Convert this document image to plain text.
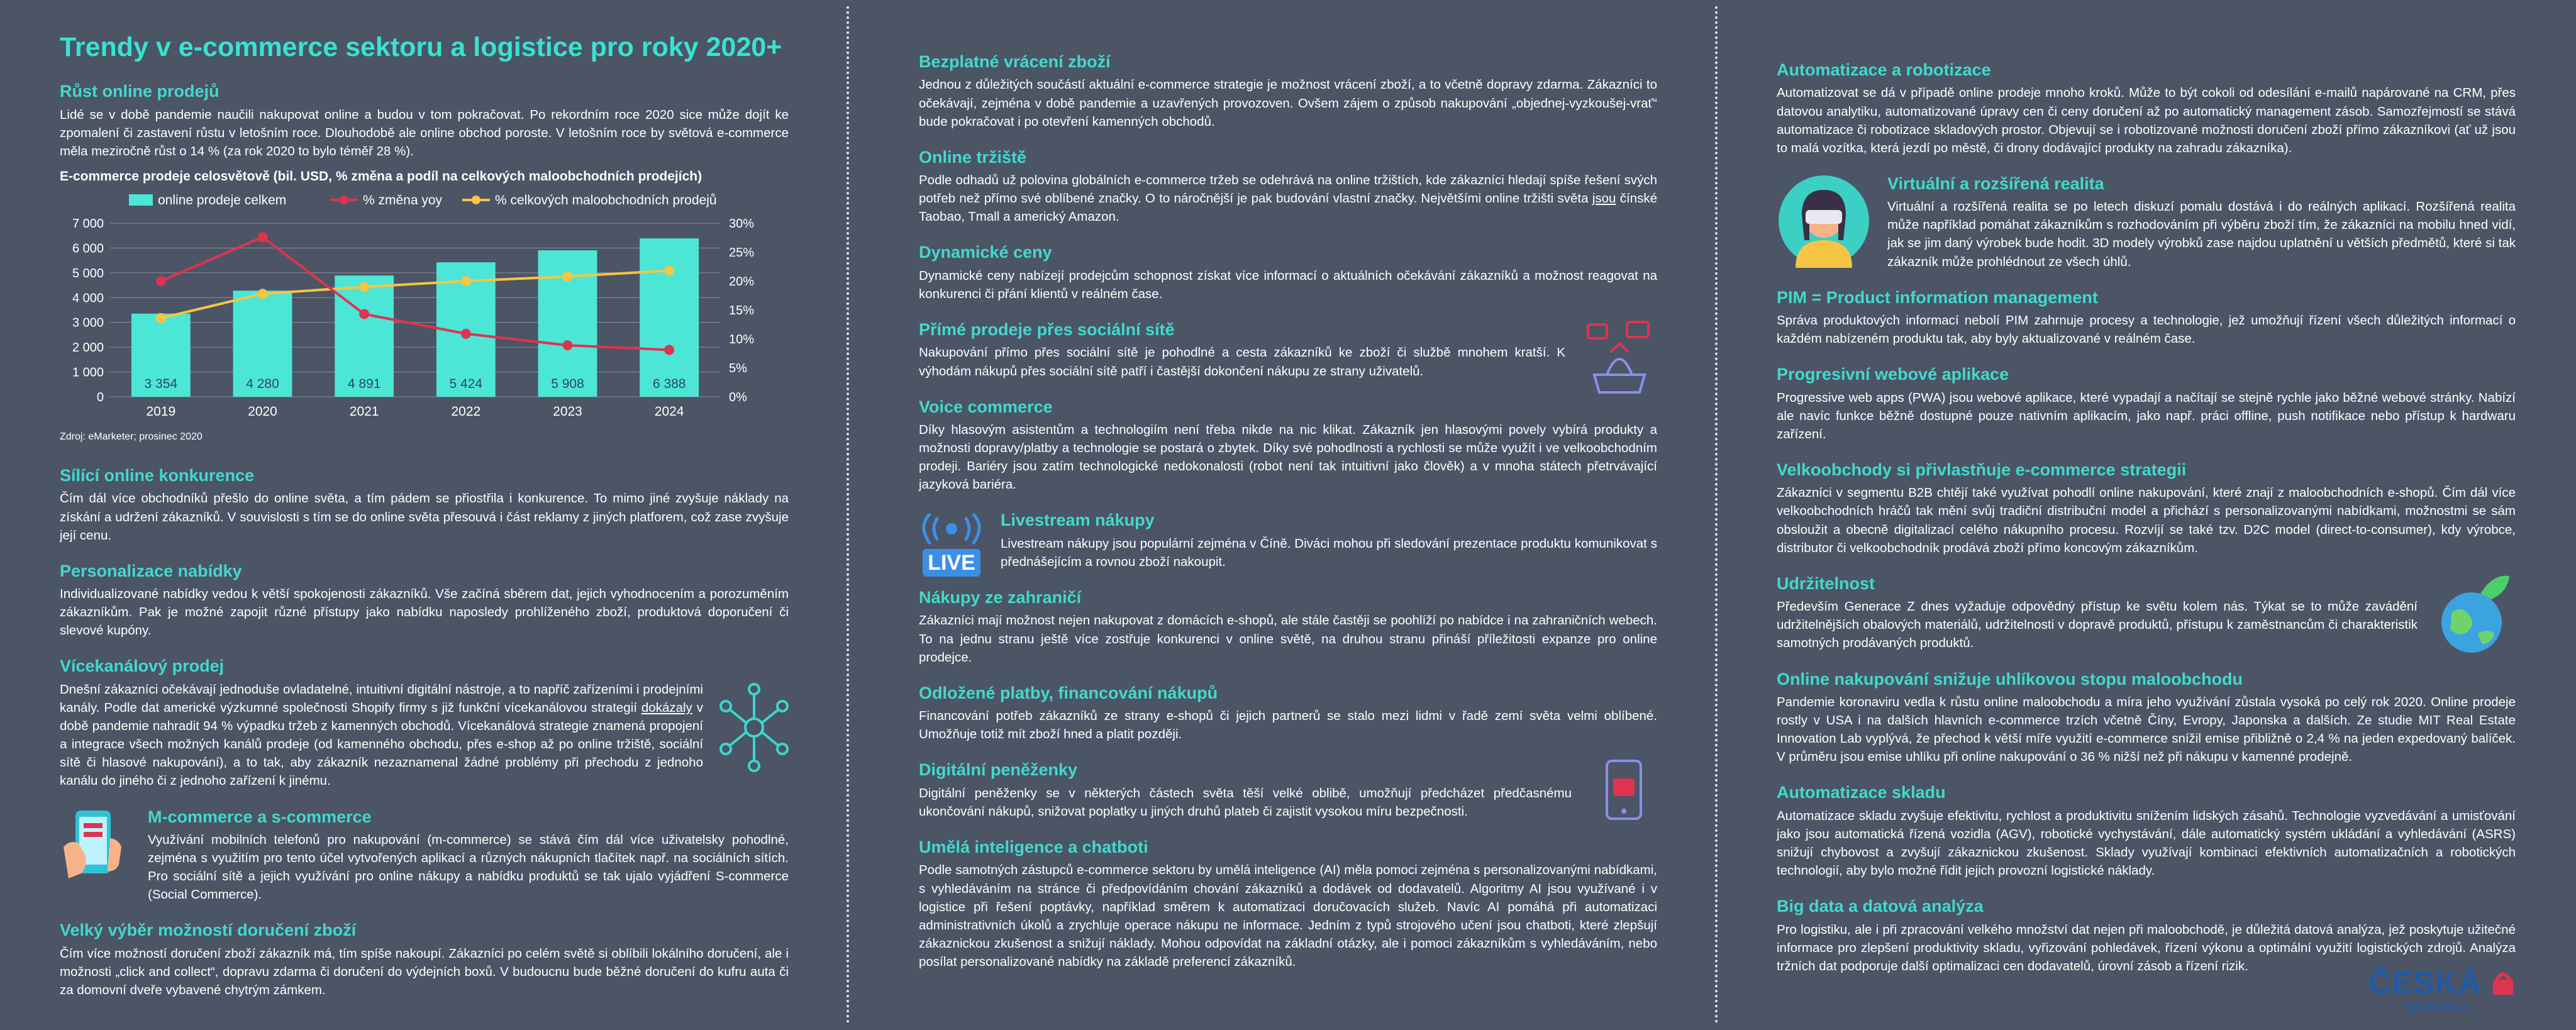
Trendy v e-commerce sektoru a logistice pro roky 2020+
Růst online prodejů
Lidé se v době pandemie naučili nakupovat online a budou v tom pokračovat. Po rekordním roce 2020 sice může dojít ke zpomalení či zastavení růstu v letošním roce. Dlouhodobě ale online obchod poroste. V letošním roce by světová e-commerce měla meziročně růst o 14 % (za rok 2020 to bylo téměř 28 %).
E-commerce prodeje celosvětově (bil. USD, % změna a podíl na celkových maloobchodních prodejích)
online prodeje celkem	% změna yoy	% celkových maloobchodních prodejů
0
1 000
2 000
3 000
4 000
5 000
6 000
7 000
0%
5%
10%
15%
20%
25%
30%
3 354
2019
4 280
2020
4 891
2021
5 424
2022
5 908
2023
6 388
2024
Zdroj: eMarketer; prosinec 2020
Sílící online konkurence
Čím dál více obchodníků přešlo do online světa, a tím pádem se přiostřila i konkurence. To mimo jiné zvyšuje náklady na získání a udržení zákazníků. V souvislosti s tím se do online světa přesouvá i část reklamy z jiných platforem, což zase zvyšuje její cenu.
Personalizace nabídky
Individualizované nabídky vedou k větší spokojenosti zákazníků. Vše začíná sběrem dat, jejich vyhodnocením a porozuměním zákazníkům. Pak je možné zapojit různé přístupy jako nabídku naposledy prohlíženého zboží, produktová doporučení či slevové kupóny.
Vícekanálový prodej
Dnešní zákazníci očekávají jednoduše ovladatelné, intuitivní digitální nástroje, a to napříč zařízeními i prodejními kanály. Podle dat americké výzkumné společnosti Shopify firmy s již funkční vícekanálovou strategií dokázaly v době pandemie nahradit 94 % výpadku tržeb z kamenných obchodů. Vícekanálová strategie znamená propojení a integrace všech možných kanálů prodeje (od kamenného obchodu, přes e-shop až po online tržiště, sociální sítě či hlasové nakupování), a to tak, aby zákazník nezaznamenal žádné problémy při přechodu z jednoho kanálu do jiného či z jednoho zařízení k jinému.
M-commerce a s-commerce
Využívání mobilních telefonů pro nakupování (m-commerce) se stává čím dál více uživatelsky pohodlné, zejména s využitím pro tento účel vytvořených aplikací a různých nákupních tlačítek např. na sociálních sítích. Pro sociální sítě a jejich využívání pro online nákupy a nabídku produktů se tak ujalo vyjádření S-commerce (Social Commerce).
Velký výběr možností doručení zboží
Čím více možností doručení zboží zákazník má, tím spíše nakoupí. Zákazníci po celém světě si oblíbili lokálního doručení, ale i možnosti „click and collect“, dopravu zdarma či doručení do výdejních boxů. V budoucnu bude běžné doručení do kufru auta či za domovní dveře vybavené chytrým zámkem.
Bezplatné vrácení zboží
Jednou z důležitých součástí aktuální e-commerce strategie je možnost vrácení zboží, a to včetně dopravy zdarma. Zákazníci to očekávají, zejména v době pandemie a uzavřených provozoven. Ovšem zájem o způsob nakupování „objednej-vyzkoušej-vrať“ bude pokračovat i po otevření kamenných obchodů.
Online tržiště
Podle odhadů už polovina globálních e-commerce tržeb se odehrává na online tržištích, kde zákazníci hledají spíše řešení svých potřeb než přímo své oblíbené značky. O to náročnější je pak budování vlastní značky. Největšími online tržišti světa jsou čínské Taobao, Tmall a americký Amazon.
Dynamické ceny
Dynamické ceny nabízejí prodejcům schopnost získat více informací o aktuálních očekávání zákazníků a možnost reagovat na konkurenci či přání klientů v reálném čase.
Přímé prodeje přes sociální sítě
Nakupování přímo přes sociální sítě je pohodlné a cesta zákazníků ke zboží či službě mnohem kratší. K výhodám nákupů přes sociální sítě patří i častější dokončení nákupu ze strany uživatelů.
Voice commerce
Díky hlasovým asistentům a technologiím není třeba nikde na nic klikat. Zákazník jen hlasovými povely vybírá produkty a možnosti dopravy/platby a technologie se postará o zbytek. Díky své pohodlnosti a rychlosti se může využít i ve velkoobchodním prodeji. Bariéry jsou zatím technologické nedokonalosti (robot není tak intuitivní jako člověk) a v mnoha státech přetrvávající jazyková bariéra.
LIVE
Livestream nákupy
Livestream nákupy jsou populární zejména v Číně. Diváci mohou při sledování prezentace produktu komunikovat s přednášejícím a rovnou zboží nakoupit.
Nákupy ze zahraničí
Zákazníci mají možnost nejen nakupovat z domácích e-shopů, ale stále častěji se poohlíží po nabídce i na zahraničních webech. To na jednu stranu ještě více zostřuje konkurenci v online světě, na druhou stranu přináší příležitosti expanze pro online prodejce.
Odložené platby, financování nákupů
Financování potřeb zákazníků ze strany e-shopů či jejich partnerů se stalo mezi lidmi v řadě zemí světa velmi oblíbené. Umožňuje totiž mít zboží hned a platit později.
Digitální peněženky
Digitální peněženky se v některých částech světa těší velké oblibě, umožňují předcházet předčasnému ukončování nákupů, snižovat poplatky u jiných druhů plateb či zajistit vysokou míru bezpečnosti.
Umělá inteligence a chatboti
Podle samotných zástupců e-commerce sektoru by umělá inteligence (AI) měla pomoci zejména s personalizovanými nabídkami, s vyhledáváním na stránce či předpovídáním chování zákazníků a dodávek od dodavatelů. Algoritmy AI jsou využívané i v logistice při řešení poptávky, například směrem k automatizaci doručovacích služeb. Navíc AI pomáhá při automatizaci administrativních úkolů a zrychluje operace nákupu ne informace. Jedním z typů strojového učení jsou chatboti, které zlepšují zákaznickou zkušenost a snižují náklady. Mohou odpovídat na základní otázky, ale i pomoci zákazníkům s vyhledáváním, nebo posílat personalizované nabídky na základě preferencí zákazníků.
Automatizace a robotizace
Automatizovat se dá v případě online prodeje mnoho kroků. Může to být cokoli od odesílání e-mailů napárované na CRM, přes datovou analytiku, automatizované úpravy cen či ceny doručení až po automatický management zásob. Samozřejmostí se stává automatizace či robotizace skladových prostor. Objevují se i robotizované možnosti doručení zboží přímo zákazníkovi (ať už jsou to malá vozítka, která jezdí po městě, či drony dodávající produkty na zahradu zákazníka).
Virtuální a rozšířená realita
Virtuální a rozšířená realita se po letech diskuzí pomalu dostává i do reálných aplikací. Rozšířená realita může například pomáhat zákazníkům s rozhodováním při výběru zboží tím, že zákazníci na mobilu hned vidí, jak se jim daný výrobek bude hodit. 3D modely výrobků zase najdou uplatnění u větších předmětů, které si tak zákazník může prohlédnout ze všech úhlů.
PIM = Product information management
Správa produktových informací nebolí PIM zahrnuje procesy a technologie, jež umožňují řízení všech důležitých informací o každém nabízeném produktu tak, aby byly aktualizované v reálném čase.
Progresivní webové aplikace
Progressive web apps (PWA) jsou webové aplikace, které vypadají a načítají se stejně rychle jako běžné webové stránky. Nabízí ale navíc funkce běžně dostupné pouze nativním aplikacím, jako např. práci offline, push notifikace nebo přístup k hardwaru zařízení.
Velkoobchody si přivlastňuje e-commerce strategii
Zákazníci v segmentu B2B chtějí také využívat pohodlí online nakupování, které znají z maloobchodních e-shopů. Čím dál více velkoobchodních hráčů tak mění svůj tradiční distribuční model a přichází s personalizovanými nabídkami, možnostmi se sám obsloužit a obecně digitalizací celého nákupního procesu. Rozvíjí se také tzv. D2C model (direct-to-consumer), kdy výrobce, distributor či velkoobchodník prodává zboží přímo koncovým zákazníkům.
Udržitelnost
Především Generace Z dnes vyžaduje odpovědný přístup ke světu kolem nás. Týkat se to může zavádění udržitelnějších obalových materiálů, udržitelnosti v dopravě produktů, přístupu k zaměstnancům či charakteristik samotných prodávaných produktů.
Online nakupování snižuje uhlíkovou stopu maloobchodu
Pandemie koronaviru vedla k růstu online maloobchodu a míra jeho využívání zůstala vysoká po celý rok 2020. Online prodeje rostly v USA i na dalších hlavních e-commerce trzích včetně Číny, Evropy, Japonska a dalších. Ze studie MIT Real Estate Innovation Lab vyplývá, že přechod k větší míře využití e-commerce snížil emise přibližně o 2,4 % na jeden expedovaný balíček. V průměru jsou emise uhlíku při online nakupování o 36 % nižší než při nákupu v kamenné prodejně.
Automatizace skladu
Automatizace skladu zvyšuje efektivitu, rychlost a produktivitu snížením lidských zásahů. Technologie vyzvedávání a umisťování jako jsou automatická řízená vozidla (AGV), robotické vychystávání, dále automatický systém ukládání a vyhledávání (ASRS) snižují chybovost a zvyšují zákaznickou zkušenost. Sklady využívají kombinaci efektivních automatizačních a robotických technologií, aby bylo možné řídit jejich provozní logistické náklady.
Big data a datová analýza
Pro logistiku, ale i při zpracování velkého množství dat nejen při maloobchodě, je důležitá datová analýza, jež poskytuje užitečné informace pro zlepšení produktivity skladu, vyřizování pohledávek, řízení výkonu a optimální využití logistických zdrojů. Analýza tržních dat podporuje další optimalizaci cen dodavatelů, úrovní zásob a řízení rizik.	ČESKÁ
spořitelna
